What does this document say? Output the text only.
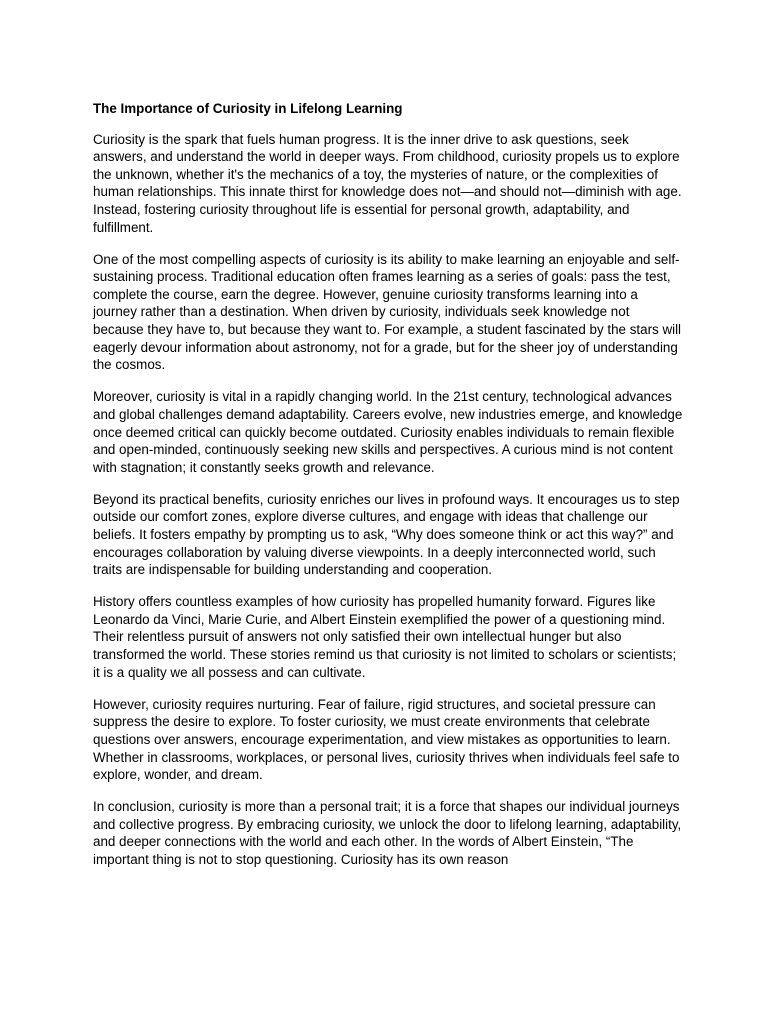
The Importance of Curiosity in Lifelong Learning

Curiosity is the spark that fuels human progress. It is the inner drive to ask questions, seek answers, and understand the world in deeper ways. From childhood, curiosity propels us to explore the unknown, whether it's the mechanics of a toy, the mysteries of nature, or the complexities of human relationships. This innate thirst for knowledge does not—and should not—diminish with age. Instead, fostering curiosity throughout life is essential for personal growth, adaptability, and fulfillment.

One of the most compelling aspects of curiosity is its ability to make learning an enjoyable and self-sustaining process. Traditional education often frames learning as a series of goals: pass the test, complete the course, earn the degree. However, genuine curiosity transforms learning into a journey rather than a destination. When driven by curiosity, individuals seek knowledge not because they have to, but because they want to. For example, a student fascinated by the stars will eagerly devour information about astronomy, not for a grade, but for the sheer joy of understanding the cosmos.

Moreover, curiosity is vital in a rapidly changing world. In the 21st century, technological advances and global challenges demand adaptability. Careers evolve, new industries emerge, and knowledge once deemed critical can quickly become outdated. Curiosity enables individuals to remain flexible and open-minded, continuously seeking new skills and perspectives. A curious mind is not content with stagnation; it constantly seeks growth and relevance.

Beyond its practical benefits, curiosity enriches our lives in profound ways. It encourages us to step outside our comfort zones, explore diverse cultures, and engage with ideas that challenge our beliefs. It fosters empathy by prompting us to ask, “Why does someone think or act this way?” and encourages collaboration by valuing diverse viewpoints. In a deeply interconnected world, such traits are indispensable for building understanding and cooperation.

History offers countless examples of how curiosity has propelled humanity forward. Figures like Leonardo da Vinci, Marie Curie, and Albert Einstein exemplified the power of a questioning mind. Their relentless pursuit of answers not only satisfied their own intellectual hunger but also transformed the world. These stories remind us that curiosity is not limited to scholars or scientists; it is a quality we all possess and can cultivate.

However, curiosity requires nurturing. Fear of failure, rigid structures, and societal pressure can suppress the desire to explore. To foster curiosity, we must create environments that celebrate questions over answers, encourage experimentation, and view mistakes as opportunities to learn. Whether in classrooms, workplaces, or personal lives, curiosity thrives when individuals feel safe to explore, wonder, and dream.

In conclusion, curiosity is more than a personal trait; it is a force that shapes our individual journeys and collective progress. By embracing curiosity, we unlock the door to lifelong learning, adaptability, and deeper connections with the world and each other. In the words of Albert Einstein, “The important thing is not to stop questioning. Curiosity has its own reason
